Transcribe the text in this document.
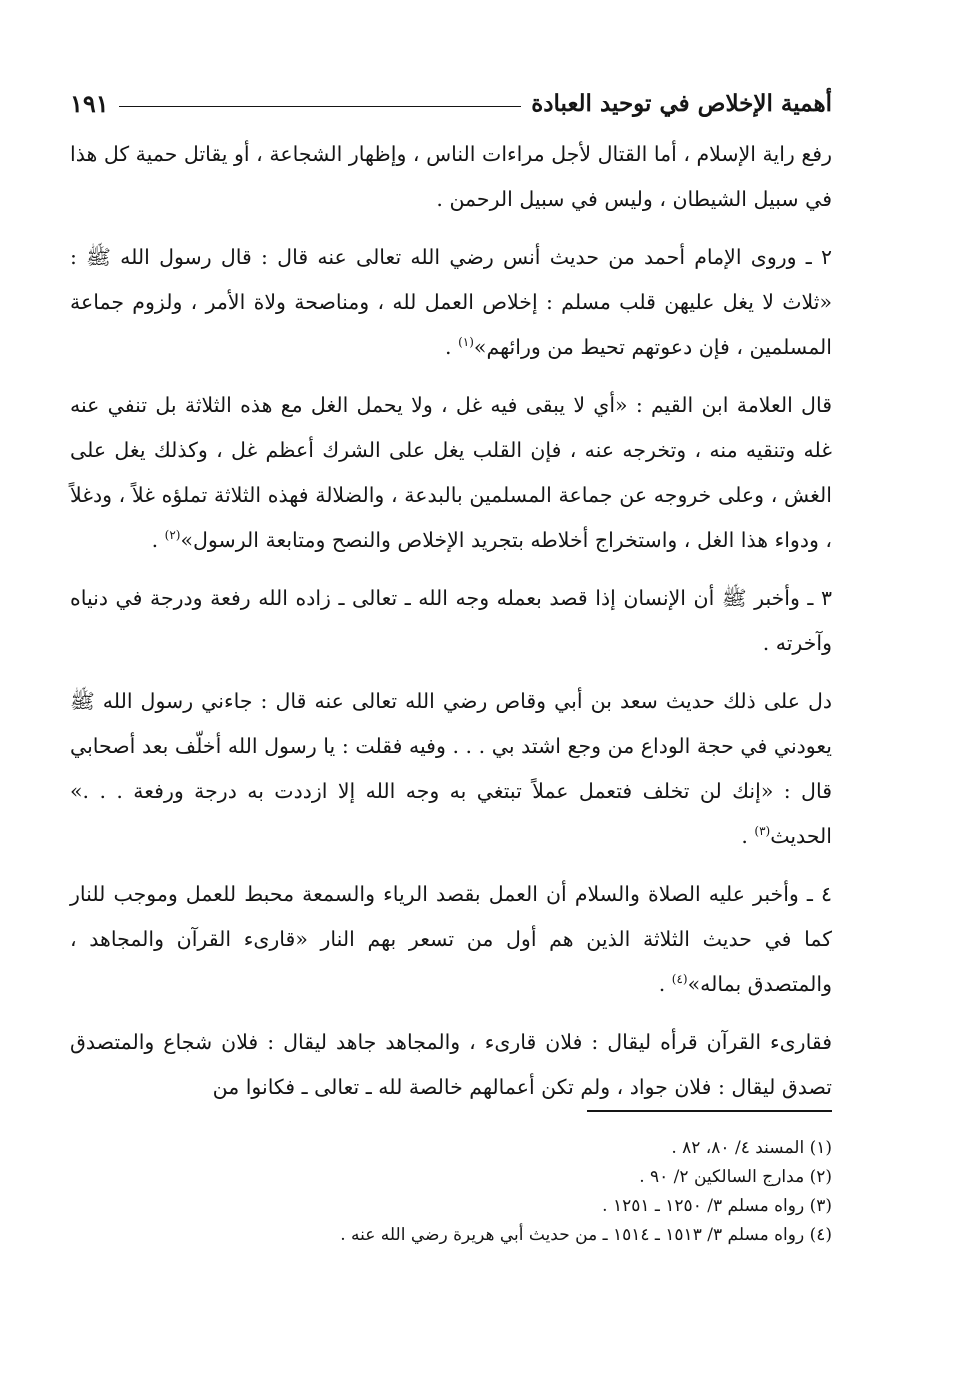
أهمية الإخلاص في توحيد العبادة
١٩١

رفع راية الإسلام ، أما القتال لأجل مراءات الناس ، وإظهار الشجاعة ، أو يقاتل حمية كل هذا في سبيل الشيطان ، وليس في سبيل الرحمن .

٢ ـ وروى الإمام أحمد من حديث أنس رضي الله تعالى عنه قال : قال رسول الله ﷺ : «ثلاث لا يغل عليهن قلب مسلم : إخلاص العمل لله ، ومناصحة ولاة الأمر ، ولزوم جماعة المسلمين ، فإن دعوتهم تحيط من ورائهم»$^{(١)}$ .

قال العلامة ابن القيم : «أي لا يبقى فيه غل ، ولا يحمل الغل مع هذه الثلاثة بل تنفي عنه غله وتنقيه منه ، وتخرجه عنه ، فإن القلب يغل على الشرك أعظم غل ، وكذلك يغل على الغش ، وعلى خروجه عن جماعة المسلمين بالبدعة ، والضلالة فهذه الثلاثة تملؤه غلاً ، ودغلاً ، ودواء هذا الغل ، واستخراج أخلاطه بتجريد الإخلاص والنصح ومتابعة الرسول»$^{(٢)}$ .

٣ ـ وأخبر ﷺ أن الإنسان إذا قصد بعمله وجه الله ـ تعالى ـ زاده الله رفعة ودرجة في دنياه وآخرته .

دل على ذلك حديث سعد بن أبي وقاص رضي الله تعالى عنه قال : جاءني رسول الله ﷺ يعودني في حجة الوداع من وجع اشتد بي . . . وفيه فقلت : يا رسول الله أخلّف بعد أصحابي قال : «إنك لن تخلف فتعمل عملاً تبتغي به وجه الله إلا ازددت به درجة ورفعة . . .» الحديث$^{(٣)}$ .

٤ ـ وأخبر عليه الصلاة والسلام أن العمل بقصد الرياء والسمعة محبط للعمل وموجب للنار كما في حديث الثلاثة الذين هم أول من تسعر بهم النار «قارىء القرآن والمجاهد ، والمتصدق بماله»$^{(٤)}$ .

فقارىء القرآن قرأه ليقال : فلان قارىء ، والمجاهد جاهد ليقال : فلان شجاع والمتصدق تصدق ليقال : فلان جواد ، ولم تكن أعمالهم خالصة لله ـ تعالى ـ فكانوا من

(١) المسند ٤/ ٨٠، ٨٢ .
(٢) مدارج السالكين ٢/ ٩٠ .
(٣) رواه مسلم ٣/ ١٢٥٠ ـ ١٢٥١ .
(٤) رواه مسلم ٣/ ١٥١٣ ـ ١٥١٤ ـ من حديث أبي هريرة رضي الله عنه .
